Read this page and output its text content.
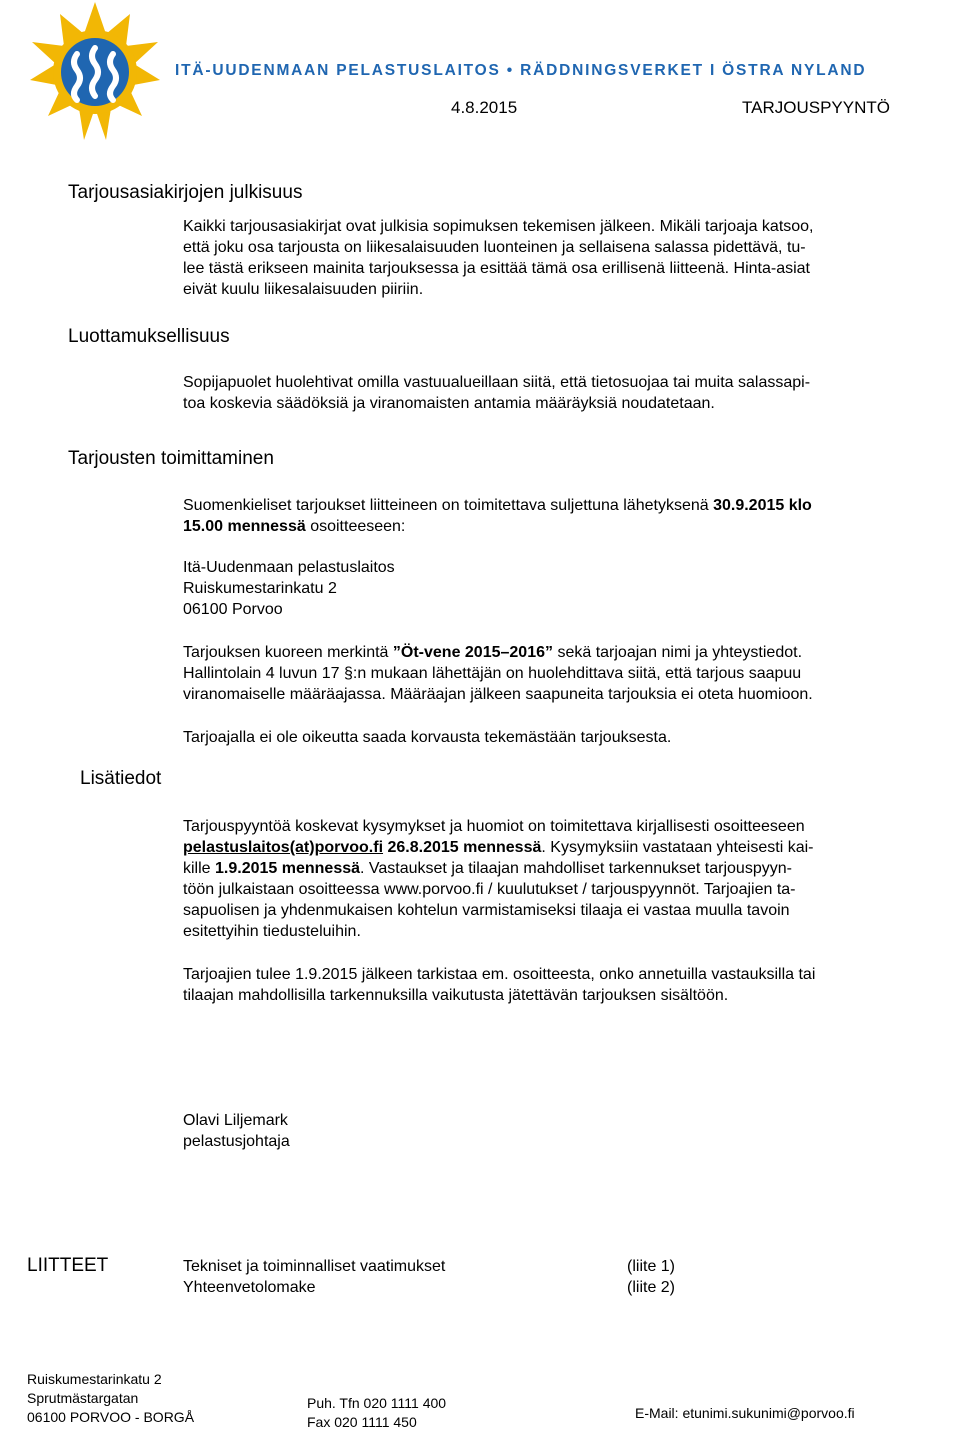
ITÄ-UUDENMAAN PELASTUSLAITOS • RÄDDNINGSVERKET I ÖSTRA NYLAND
4.8.2015	TARJOUSPYYNTÖ
Tarjousasiakirjojen julkisuus
Kaikki tarjousasiakirjat ovat julkisia sopimuksen tekemisen jälkeen. Mikäli tarjoaja katsoo,
että joku osa tarjousta on liikesalaisuuden luonteinen ja sellaisena salassa pidettävä, tu-
lee tästä erikseen mainita tarjouksessa ja esittää tämä osa erillisenä liitteenä. Hinta-asiat
eivät kuulu liikesalaisuuden piiriin.
Luottamuksellisuus
Sopijapuolet huolehtivat omilla vastuualueillaan siitä, että tietosuojaa tai muita salassapi-
toa koskevia säädöksiä ja viranomaisten antamia määräyksiä noudatetaan.
Tarjousten toimittaminen
Suomenkieliset tarjoukset liitteineen on toimitettava suljettuna lähetyksenä 30.9.2015 klo
15.00 mennessä osoitteeseen:
Itä-Uudenmaan pelastuslaitos
Ruiskumestarinkatu 2
06100 Porvoo
Tarjouksen kuoreen merkintä ”Öt-vene 2015–2016” sekä tarjoajan nimi ja yhteystiedot.
Hallintolain 4 luvun 17 §:n mukaan lähettäjän on huolehdittava siitä, että tarjous saapuu
viranomaiselle määräajassa. Määräajan jälkeen saapuneita tarjouksia ei oteta huomioon.
Tarjoajalla ei ole oikeutta saada korvausta tekemästään tarjouksesta.
Lisätiedot
Tarjouspyyntöä koskevat kysymykset ja huomiot on toimitettava kirjallisesti osoitteeseen
pelastuslaitos(at)porvoo.fi 26.8.2015 mennessä. Kysymyksiin vastataan yhteisesti kai-
kille 1.9.2015 mennessä. Vastaukset ja tilaajan mahdolliset tarkennukset tarjouspyyn-
töön julkaistaan osoitteessa www.porvoo.fi / kuulutukset / tarjouspyynnöt. Tarjoajien ta-
sapuolisen ja yhdenmukaisen kohtelun varmistamiseksi tilaaja ei vastaa muulla tavoin
esitettyihin tiedusteluihin.
Tarjoajien tulee 1.9.2015 jälkeen tarkistaa em. osoitteesta, onko annetuilla vastauksilla tai
tilaajan mahdollisilla tarkennuksilla vaikutusta jätettävän tarjouksen sisältöön.
Olavi Liljemark
pelastusjohtaja
LIITTEET	Tekniset ja toiminnalliset vaatimukset	(liite 1)
Yhteenvetolomake	(liite 2)
Ruiskumestarinkatu 2
Sprutmästargatan
06100 PORVOO - BORGÅ
Puh. Tfn 020 1111 400
Fax 020 1111 450
E-Mail: etunimi.sukunimi@porvoo.fi
